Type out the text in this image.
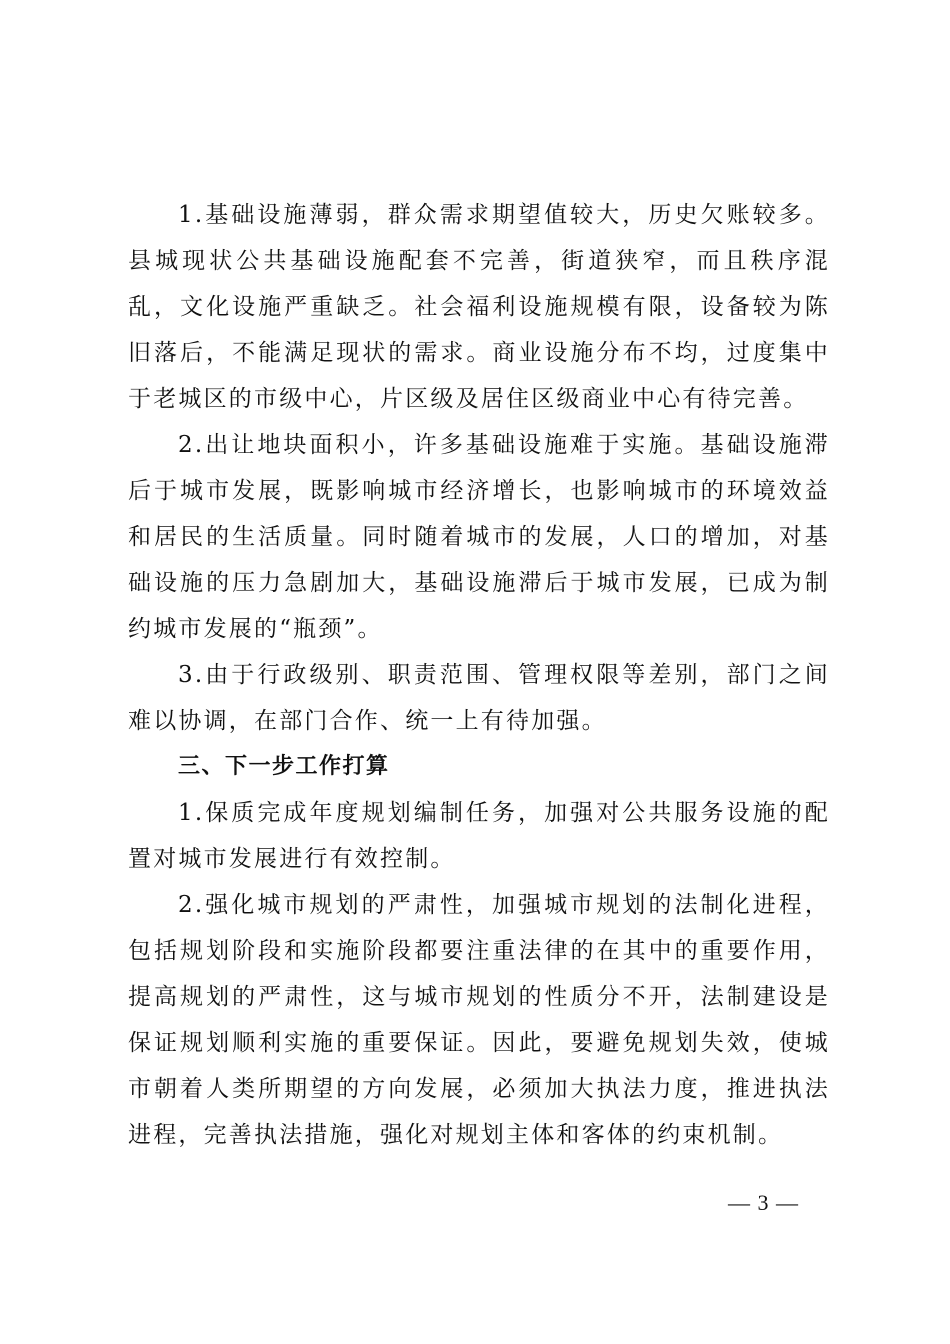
1.基础设施薄弱，群众需求期望值较大，历史欠账较多。县城现状公共基础设施配套不完善，街道狭窄，而且秩序混乱，文化设施严重缺乏。社会福利设施规模有限，设备较为陈旧落后，不能满足现状的需求。商业设施分布不均，过度集中于老城区的市级中心，片区级及居住区级商业中心有待完善。

2.出让地块面积小，许多基础设施难于实施。基础设施滞后于城市发展，既影响城市经济增长，也影响城市的环境效益和居民的生活质量。同时随着城市的发展，人口的增加，对基础设施的压力急剧加大，基础设施滞后于城市发展，已成为制约城市发展的“瓶颈”。

3.由于行政级别、职责范围、管理权限等差别，部门之间难以协调，在部门合作、统一上有待加强。

三、下一步工作打算

1.保质完成年度规划编制任务，加强对公共服务设施的配置对城市发展进行有效控制。

2.强化城市规划的严肃性，加强城市规划的法制化进程，包括规划阶段和实施阶段都要注重法律的在其中的重要作用，提高规划的严肃性，这与城市规划的性质分不开，法制建设是保证规划顺利实施的重要保证。因此，要避免规划失效，使城市朝着人类所期望的方向发展，必须加大执法力度，推进执法进程，完善执法措施，强化对规划主体和客体的约束机制。

— 3 —
